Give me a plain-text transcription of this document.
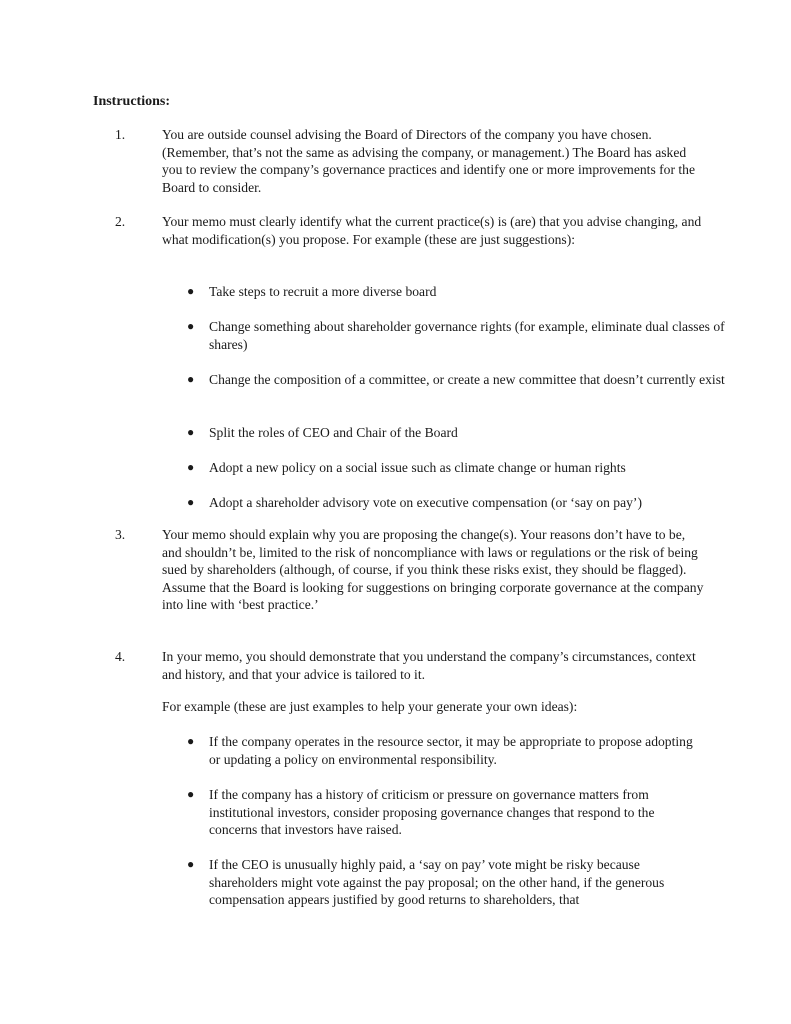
Instructions:
1.	You are outside counsel advising the Board of Directors of the company you have chosen. (Remember, that’s not the same as advising the company, or management.) The Board has asked you to review the company’s governance practices and identify one or more improvements for the Board to consider.

2.	Your memo must clearly identify what the current practice(s) is (are) that you advise changing, and what modification(s) you propose. For example (these are just suggestions):

● Take steps to recruit a more diverse board
● Change something about shareholder governance rights (for example, eliminate dual classes of shares)
● Change the composition of a committee, or create a new committee that doesn’t currently exist
● Split the roles of CEO and Chair of the Board
● Adopt a new policy on a social issue such as climate change or human rights
● Adopt a shareholder advisory vote on executive compensation (or ‘say on pay’)
3.	Your memo should explain why you are proposing the change(s). Your reasons don’t have to be, and shouldn’t be, limited to the risk of noncompliance with laws or regulations or the risk of being sued by shareholders (although, of course, if you think these risks exist, they should be flagged). Assume that the Board is looking for suggestions on bringing corporate governance at the company into line with ‘best practice.’

4.	In your memo, you should demonstrate that you understand the company’s circumstances, context and history, and that your advice is tailored to it.

For example (these are just examples to help your generate your own ideas):

● If the company operates in the resource sector, it may be appropriate to propose adopting or updating a policy on environmental responsibility.
● If the company has a history of criticism or pressure on governance matters from institutional investors, consider proposing governance changes that respond to the concerns that investors have raised.
● If the CEO is unusually highly paid, a ‘say on pay’ vote might be risky because shareholders might vote against the pay proposal; on the other hand, if the generous compensation appears justified by good returns to shareholders, that
